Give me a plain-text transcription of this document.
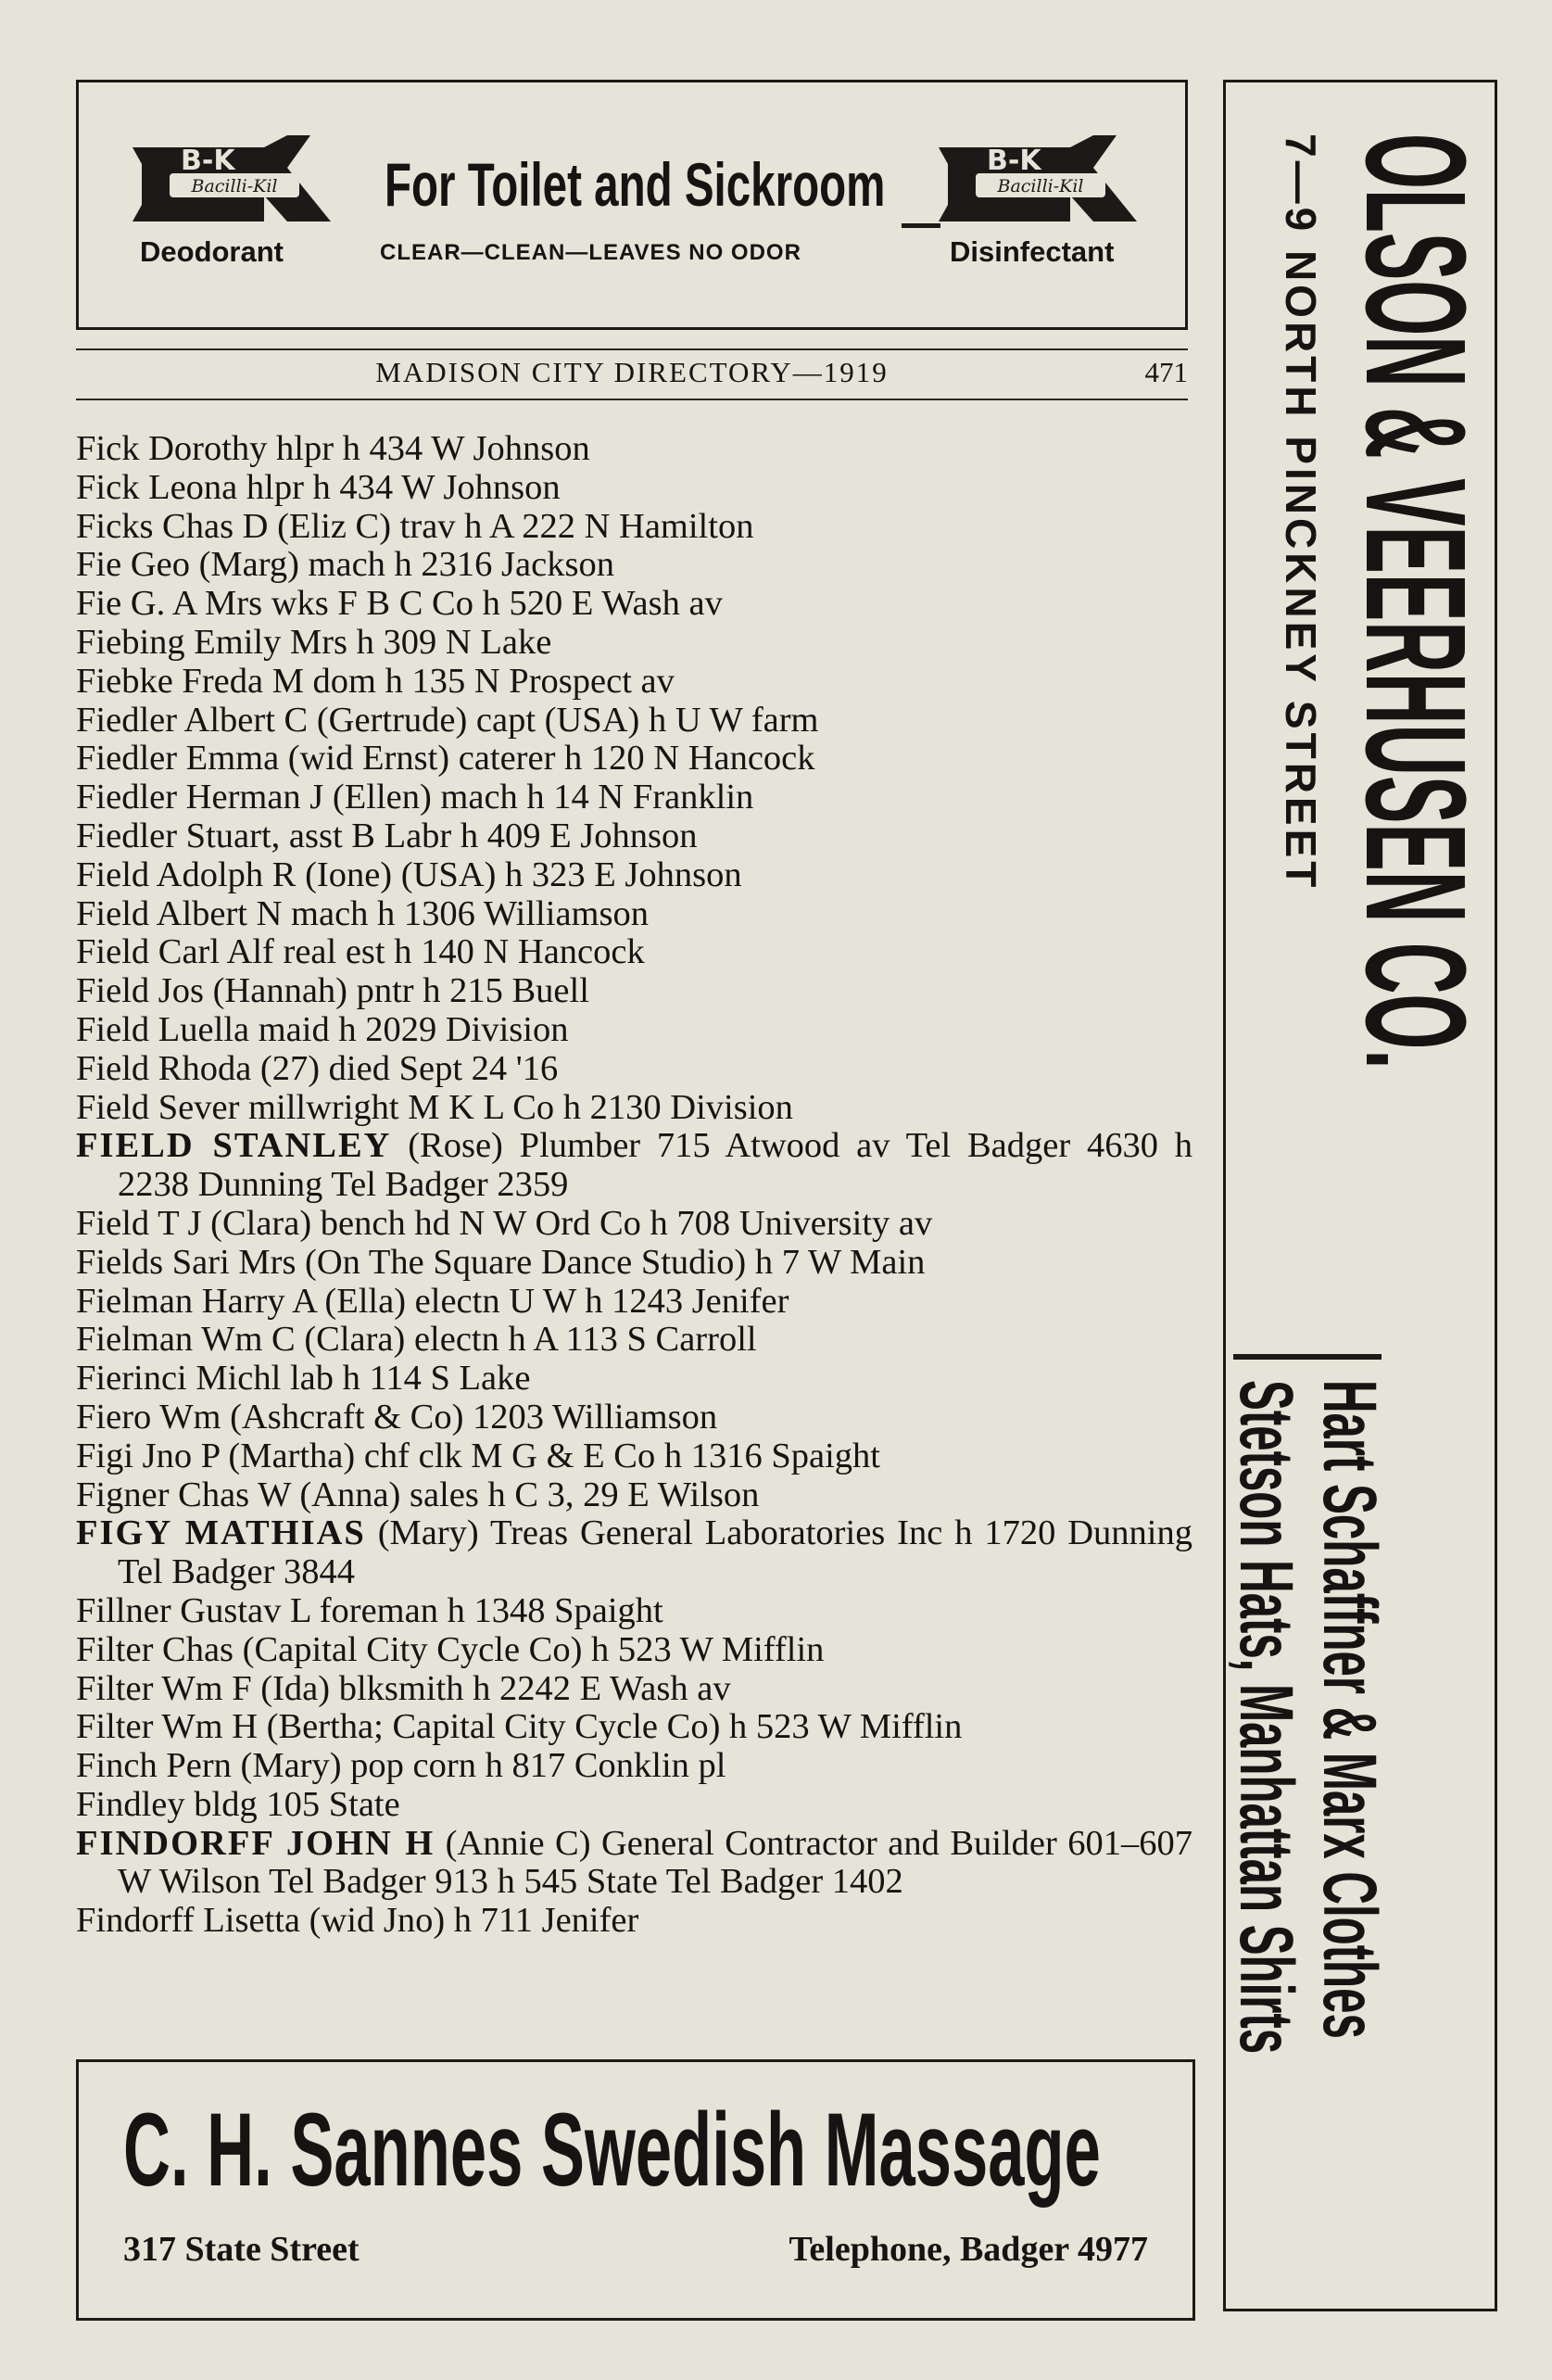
Bacilli-Kil
B-K For Toilet and Sickroom	Bacilli-Kil
B-K
Deodorant	CLEAR—CLEAN—LEAVES NO ODOR	Disinfectant
MADISON CITY DIRECTORY—1919	471
Fick Dorothy hlpr h 434 W Johnson
Fick Leona hlpr h 434 W Johnson
Ficks Chas D (Eliz C) trav h A 222 N Hamilton
Fie Geo (Marg) mach h 2316 Jackson
Fie G. A Mrs wks F B C Co h 520 E Wash av
Fiebing Emily Mrs h 309 N Lake
Fiebke Freda M dom h 135 N Prospect av
Fiedler Albert C (Gertrude) capt (USA) h U W farm
Fiedler Emma (wid Ernst) caterer h 120 N Hancock
Fiedler Herman J (Ellen) mach h 14 N Franklin
Fiedler Stuart, asst B Labr h 409 E Johnson
Field Adolph R (Ione) (USA) h 323 E Johnson
Field Albert N mach h 1306 Williamson
Field Carl Alf real est h 140 N Hancock
Field Jos (Hannah) pntr h 215 Buell
Field Luella maid h 2029 Division
Field Rhoda (27) died Sept 24 '16
Field Sever millwright M K L Co h 2130 Division
FIELD STANLEY (Rose) Plumber 715 Atwood av Tel Badger 4630 h 2238 Dunning Tel Badger 2359
Field T J (Clara) bench hd N W Ord Co h 708 University av
Fields Sari Mrs (On The Square Dance Studio) h 7 W Main
Fielman Harry A (Ella) electn U W h 1243 Jenifer
Fielman Wm C (Clara) electn h A 113 S Carroll
Fierinci Michl lab h 114 S Lake
Fiero Wm (Ashcraft & Co) 1203 Williamson
Figi Jno P (Martha) chf clk M G & E Co h 1316 Spaight
Figner Chas W (Anna) sales h C 3, 29 E Wilson
FIGY MATHIAS (Mary) Treas General Laboratories Inc h 1720 Dunning Tel Badger 3844
Fillner Gustav L foreman h 1348 Spaight
Filter Chas (Capital City Cycle Co) h 523 W Mifflin
Filter Wm F (Ida) blksmith h 2242 E Wash av
Filter Wm H (Bertha; Capital City Cycle Co) h 523 W Mifflin
Finch Pern (Mary) pop corn h 817 Conklin pl
Findley bldg 105 State
FINDORFF JOHN H (Annie C) General Contractor and Builder 601–607 W Wilson Tel Badger 913 h 545 State Tel Badger 1402
Findorff Lisetta (wid Jno) h 711 Jenifer
C. H. Sannes Swedish Massage
317 State Street	Telephone, Badger 4977
OLSON & VEERHUSEN CO.
7—9 NORTH PINCKNEY STREET
Hart Schaffner & Marx Clothes
Stetson Hats, Manhattan Shirts
